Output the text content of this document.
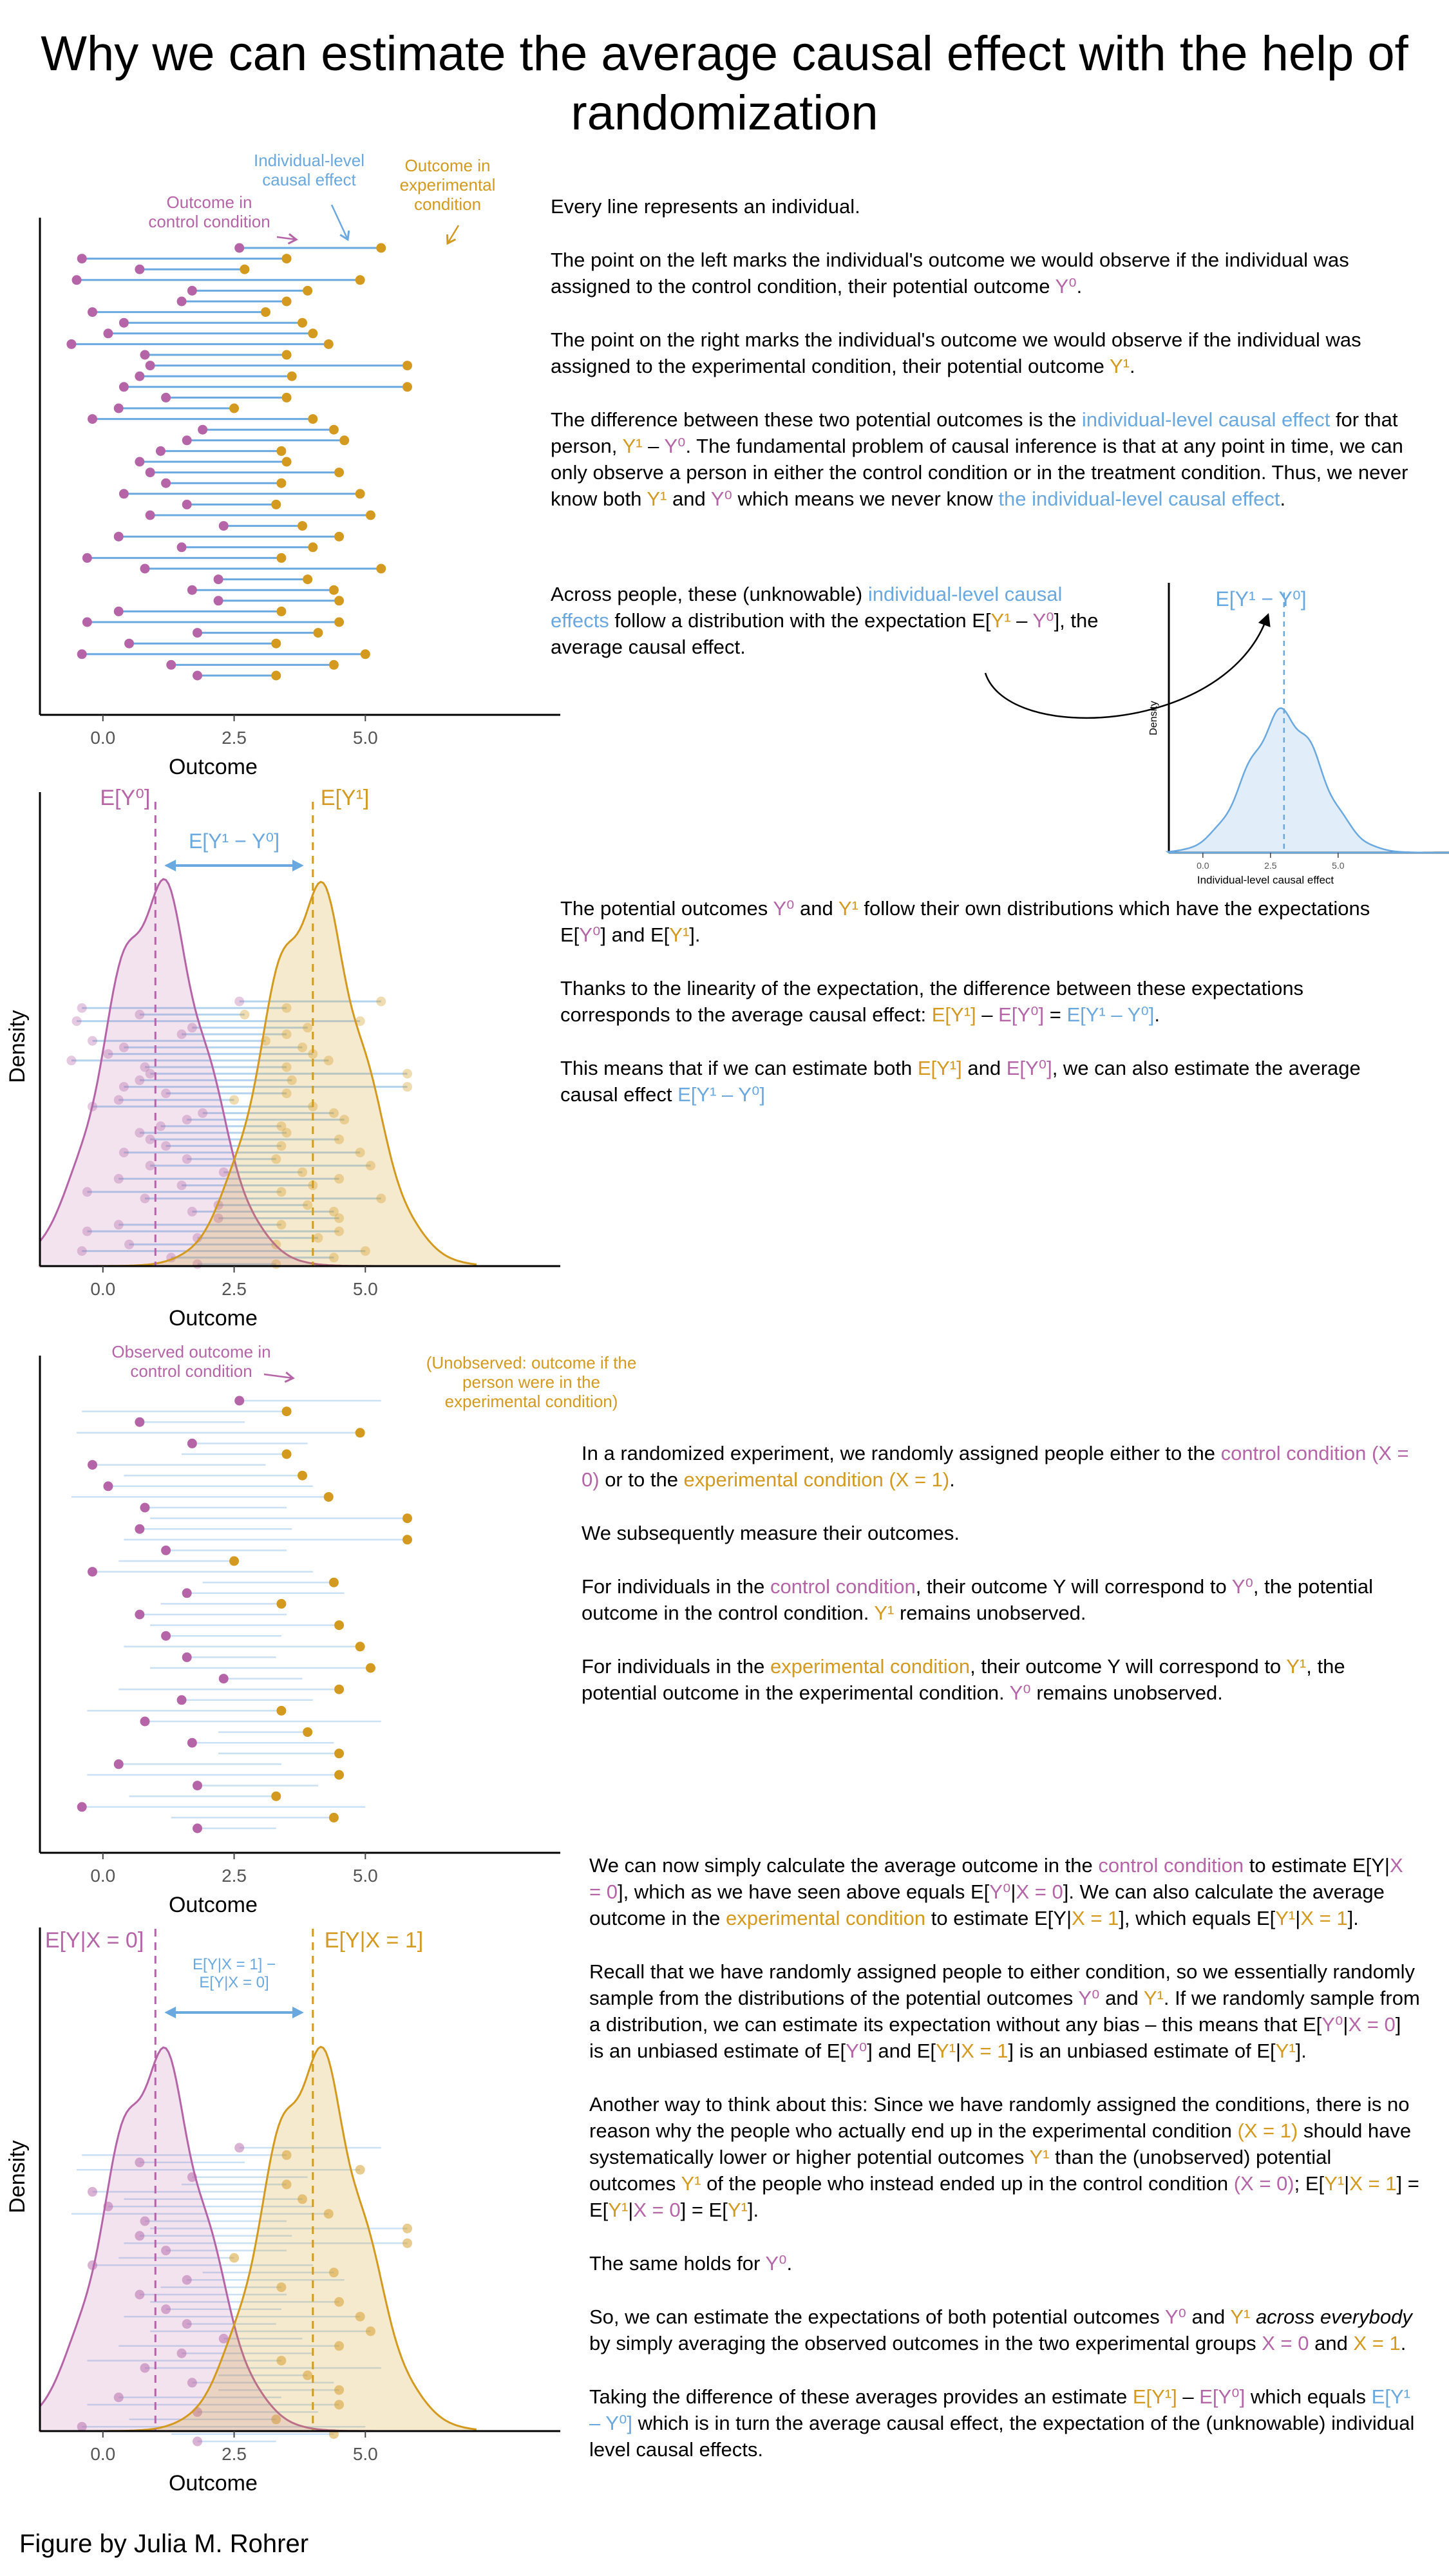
Why we can estimate the average causal effect with the help of randomization
0.0	2.5	5.0
Outcome
Outcome in
control condition
Individual-level
causal effect
Outcome in
experimental
condition
0.0	2.5	5.0
Individual-level causal effect
Density
E[Y¹ − Y⁰]
E[Y⁰]	E[Y¹]
E[Y¹ − Y⁰]
0.0	2.5	5.0
Outcome
Density
0.0	2.5	5.0
Outcome
Observed outcome in
control condition	(Unobserved: outcome if the
person were in the
experimental condition)
E[Y|X = 0]	E[Y|X = 1]
E[Y|X = 1] −
E[Y|X = 0]
0.0	2.5	5.0
Outcome
Density

Every line represents an individual.

The point on the left marks the individual's outcome we would observe if the individual was assigned to the control condition, their potential outcome Y⁰.

The point on the right marks the individual's outcome we would observe if the individual was assigned to the experimental condition, their potential outcome Y¹.

The difference between these two potential outcomes is the individual-level causal effect for that person, Y¹ – Y⁰. The fundamental problem of causal inference is that at any point in time, we can only observe a person in either the control condition or in the treatment condition. Thus, we never know both Y¹ and Y⁰ which means we never know the individual-level causal effect.

Across people, these (unknowable) individual-level causal effects follow a distribution with the expectation E[Y¹ – Y⁰], the average causal effect.

The potential outcomes Y⁰ and Y¹ follow their own distributions which have the expectations E[Y⁰] and E[Y¹].

Thanks to the linearity of the expectation, the difference between these expectations corresponds to the average causal effect: E[Y¹] – E[Y⁰] = E[Y¹ – Y⁰].

This means that if we can estimate both E[Y¹] and E[Y⁰], we can also estimate the average causal effect E[Y¹ – Y⁰]

In a randomized experiment, we randomly assigned people either to the control condition (X = 0) or to the experimental condition (X = 1).

We subsequently measure their outcomes.

For individuals in the control condition, their outcome Y will correspond to Y⁰, the potential outcome in the control condition. Y¹ remains unobserved.

For individuals in the experimental condition, their outcome Y will correspond to Y¹, the potential outcome in the experimental condition. Y⁰ remains unobserved.

We can now simply calculate the average outcome in the control condition to estimate E[Y|X = 0], which as we have seen above equals E[Y⁰|X = 0]. We can also calculate the average outcome in the experimental condition to estimate E[Y|X = 1], which equals E[Y¹|X = 1].

Recall that we have randomly assigned people to either condition, so we essentially randomly sample from the distributions of the potential outcomes Y⁰ and Y¹. If we randomly sample from a distribution, we can estimate its expectation without any bias – this means that E[Y⁰|X = 0] is an unbiased estimate of E[Y⁰] and E[Y¹|X = 1] is an unbiased estimate of E[Y¹].

Another way to think about this: Since we have randomly assigned the conditions, there is no reason why the people who actually end up in the experimental condition (X = 1) should have systematically lower or higher potential outcomes Y¹ than the (unobserved) potential outcomes Y¹ of the people who instead ended up in the control condition (X = 0); E[Y¹|X = 1] = E[Y¹|X = 0] = E[Y¹].

The same holds for Y⁰.

So, we can estimate the expectations of both potential outcomes Y⁰ and Y¹ across everybody by simply averaging the observed outcomes in the two experimental groups X = 0 and X = 1.

Taking the difference of these averages provides an estimate E[Y¹] – E[Y⁰] which equals E[Y¹ – Y⁰] which is in turn the average causal effect, the expectation of the (unknowable) individual level causal effects.

Figure by Julia M. Rohrer
